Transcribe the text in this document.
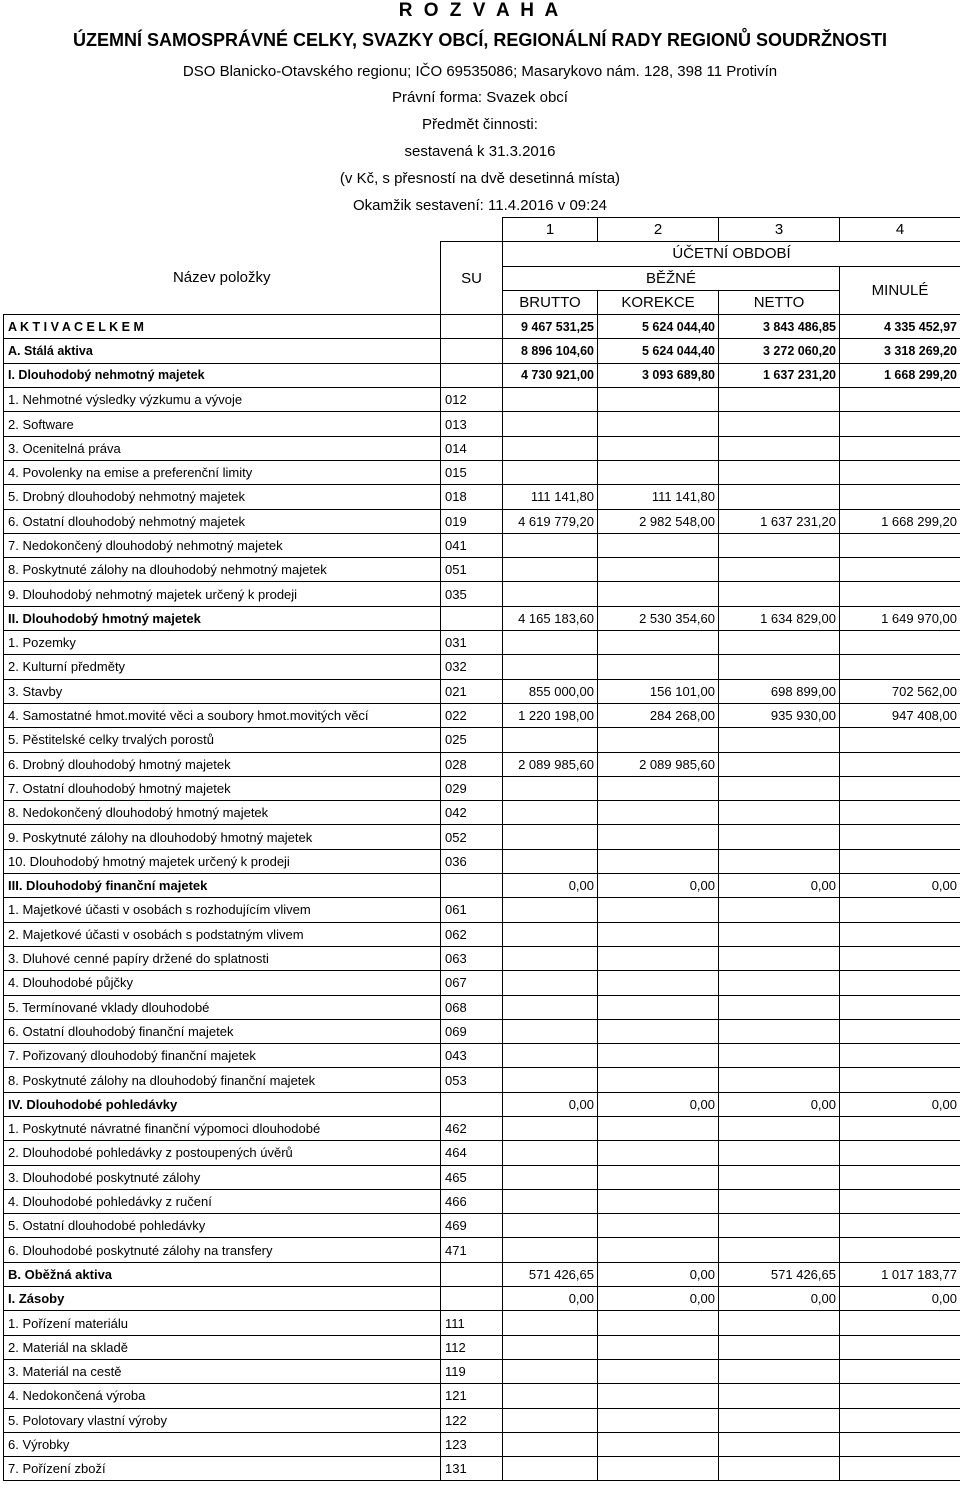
R O Z V A H A
ÚZEMNÍ SAMOSPRÁVNÉ CELKY, SVAZKY OBCÍ, REGIONÁLNÍ RADY REGIONŮ SOUDRŽNOSTI
DSO Blanicko-Otavského regionu; IČO 69535086; Masarykovo nám. 128, 398 11 Protivín
Právní forma: Svazek obcí
Předmět činnosti:
sestavená k 31.3.2016
(v Kč, s přesností na dvě desetinná místa)
Okamžik sestavení: 11.4.2016 v 09:24
		1	2	3	4
Název položky	SU	ÚČETNÍ OBDOBÍ			
		BĚŽNÉ			MINULÉ
		BRUTTO	KOREKCE	NETTO	
A K T I V A C E L K E M		9 467 531,25	5 624 044,40	3 843 486,85	4 335 452,97
A. Stálá aktiva		8 896 104,60	5 624 044,40	3 272 060,20	3 318 269,20
I. Dlouhodobý nehmotný majetek		4 730 921,00	3 093 689,80	1 637 231,20	1 668 299,20
1. Nehmotné výsledky výzkumu a vývoje	012				
2. Software	013				
3. Ocenitelná práva	014				
4. Povolenky na emise a preferenční limity	015				
5. Drobný dlouhodobý nehmotný majetek	018	111 141,80	111 141,80		
6. Ostatní dlouhodobý nehmotný majetek	019	4 619 779,20	2 982 548,00	1 637 231,20	1 668 299,20
7. Nedokončený dlouhodobý nehmotný majetek	041				
8. Poskytnuté zálohy na dlouhodobý nehmotný majetek	051				
9. Dlouhodobý nehmotný majetek určený k prodeji	035				
II. Dlouhodobý hmotný majetek		4 165 183,60	2 530 354,60	1 634 829,00	1 649 970,00
1. Pozemky	031				
2. Kulturní předměty	032				
3. Stavby	021	855 000,00	156 101,00	698 899,00	702 562,00
4. Samostatné hmot.movité věci a soubory hmot.movitých věcí	022	1 220 198,00	284 268,00	935 930,00	947 408,00
5. Pěstitelské celky trvalých porostů	025				
6. Drobný dlouhodobý hmotný majetek	028	2 089 985,60	2 089 985,60		
7. Ostatní dlouhodobý hmotný majetek	029				
8. Nedokončený dlouhodobý hmotný majetek	042				
9. Poskytnuté zálohy na dlouhodobý hmotný majetek	052				
10. Dlouhodobý hmotný majetek určený k prodeji	036				
III. Dlouhodobý finanční majetek		0,00	0,00	0,00	0,00
1. Majetkové účasti v osobách s rozhodujícím vlivem	061				
2. Majetkové účasti v osobách s podstatným vlivem	062				
3. Dluhové cenné papíry držené do splatnosti	063				
4. Dlouhodobé půjčky	067				
5. Termínované vklady dlouhodobé	068				
6. Ostatní dlouhodobý finanční majetek	069				
7. Pořizovaný dlouhodobý finanční majetek	043				
8. Poskytnuté zálohy na dlouhodobý finanční majetek	053				
IV. Dlouhodobé pohledávky		0,00	0,00	0,00	0,00
1. Poskytnuté návratné finanční výpomoci dlouhodobé	462				
2. Dlouhodobé pohledávky z postoupených úvěrů	464				
3. Dlouhodobé poskytnuté zálohy	465				
4. Dlouhodobé pohledávky z ručení	466				
5. Ostatní dlouhodobé pohledávky	469				
6. Dlouhodobé poskytnuté zálohy na transfery	471				
B. Oběžná aktiva		571 426,65	0,00	571 426,65	1 017 183,77
I. Zásoby		0,00	0,00	0,00	0,00
1. Pořízení materiálu	111				
2. Materiál na skladě	112				
3. Materiál na cestě	119				
4. Nedokončená výroba	121				
5. Polotovary vlastní výroby	122				
6. Výrobky	123				
7. Pořízení zboží	131				
